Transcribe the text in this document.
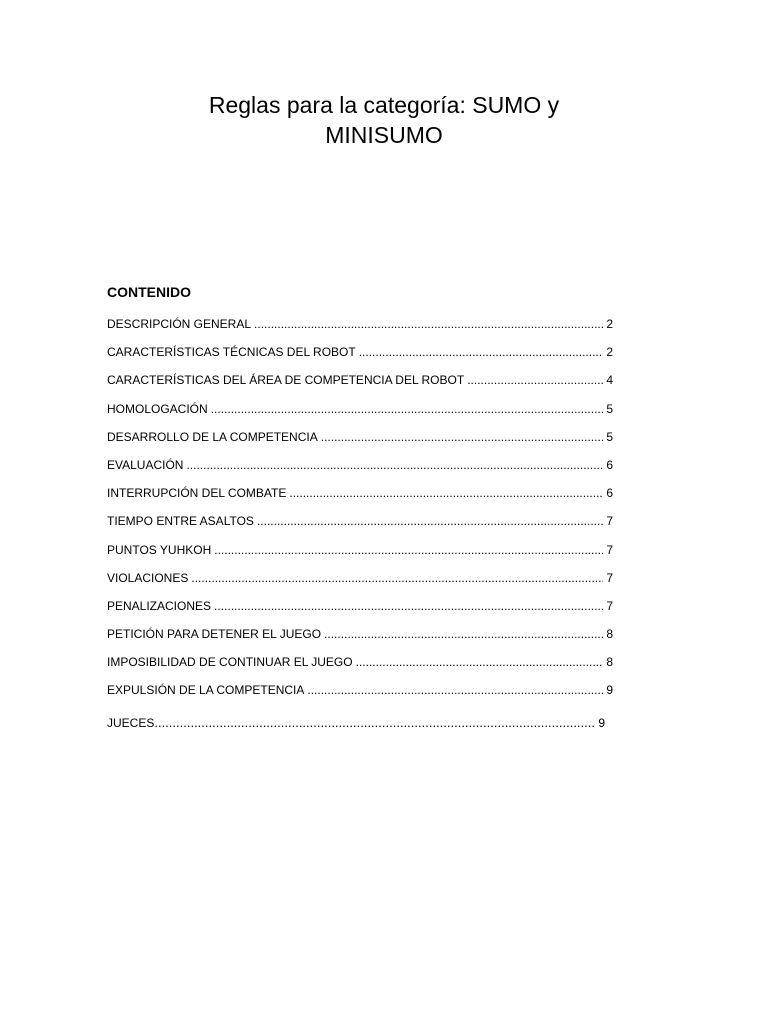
Reglas para la categoría: SUMO y
MINISUMO
CONTENIDO
DESCRIPCIÓN GENERAL .....	2
CARACTERÍSTICAS TÉCNICAS DEL ROBOT .....	2
CARACTERÍSTICAS DEL ÁREA DE COMPETENCIA DEL ROBOT .....	4
HOMOLOGACIÓN .....	5
DESARROLLO DE LA COMPETENCIA .....	5
EVALUACIÓN .....	6
INTERRUPCIÓN DEL COMBATE .....	6
TIEMPO ENTRE ASALTOS .....	7
PUNTOS YUHKOH .....	7
VIOLACIONES .....	7
PENALIZACIONES .....	7
PETICIÓN PARA DETENER EL JUEGO .....	8
IMPOSIBILIDAD DE CONTINUAR EL JUEGO .....	8
EXPULSIÓN DE LA COMPETENCIA .....	9
JUECES .....	9
